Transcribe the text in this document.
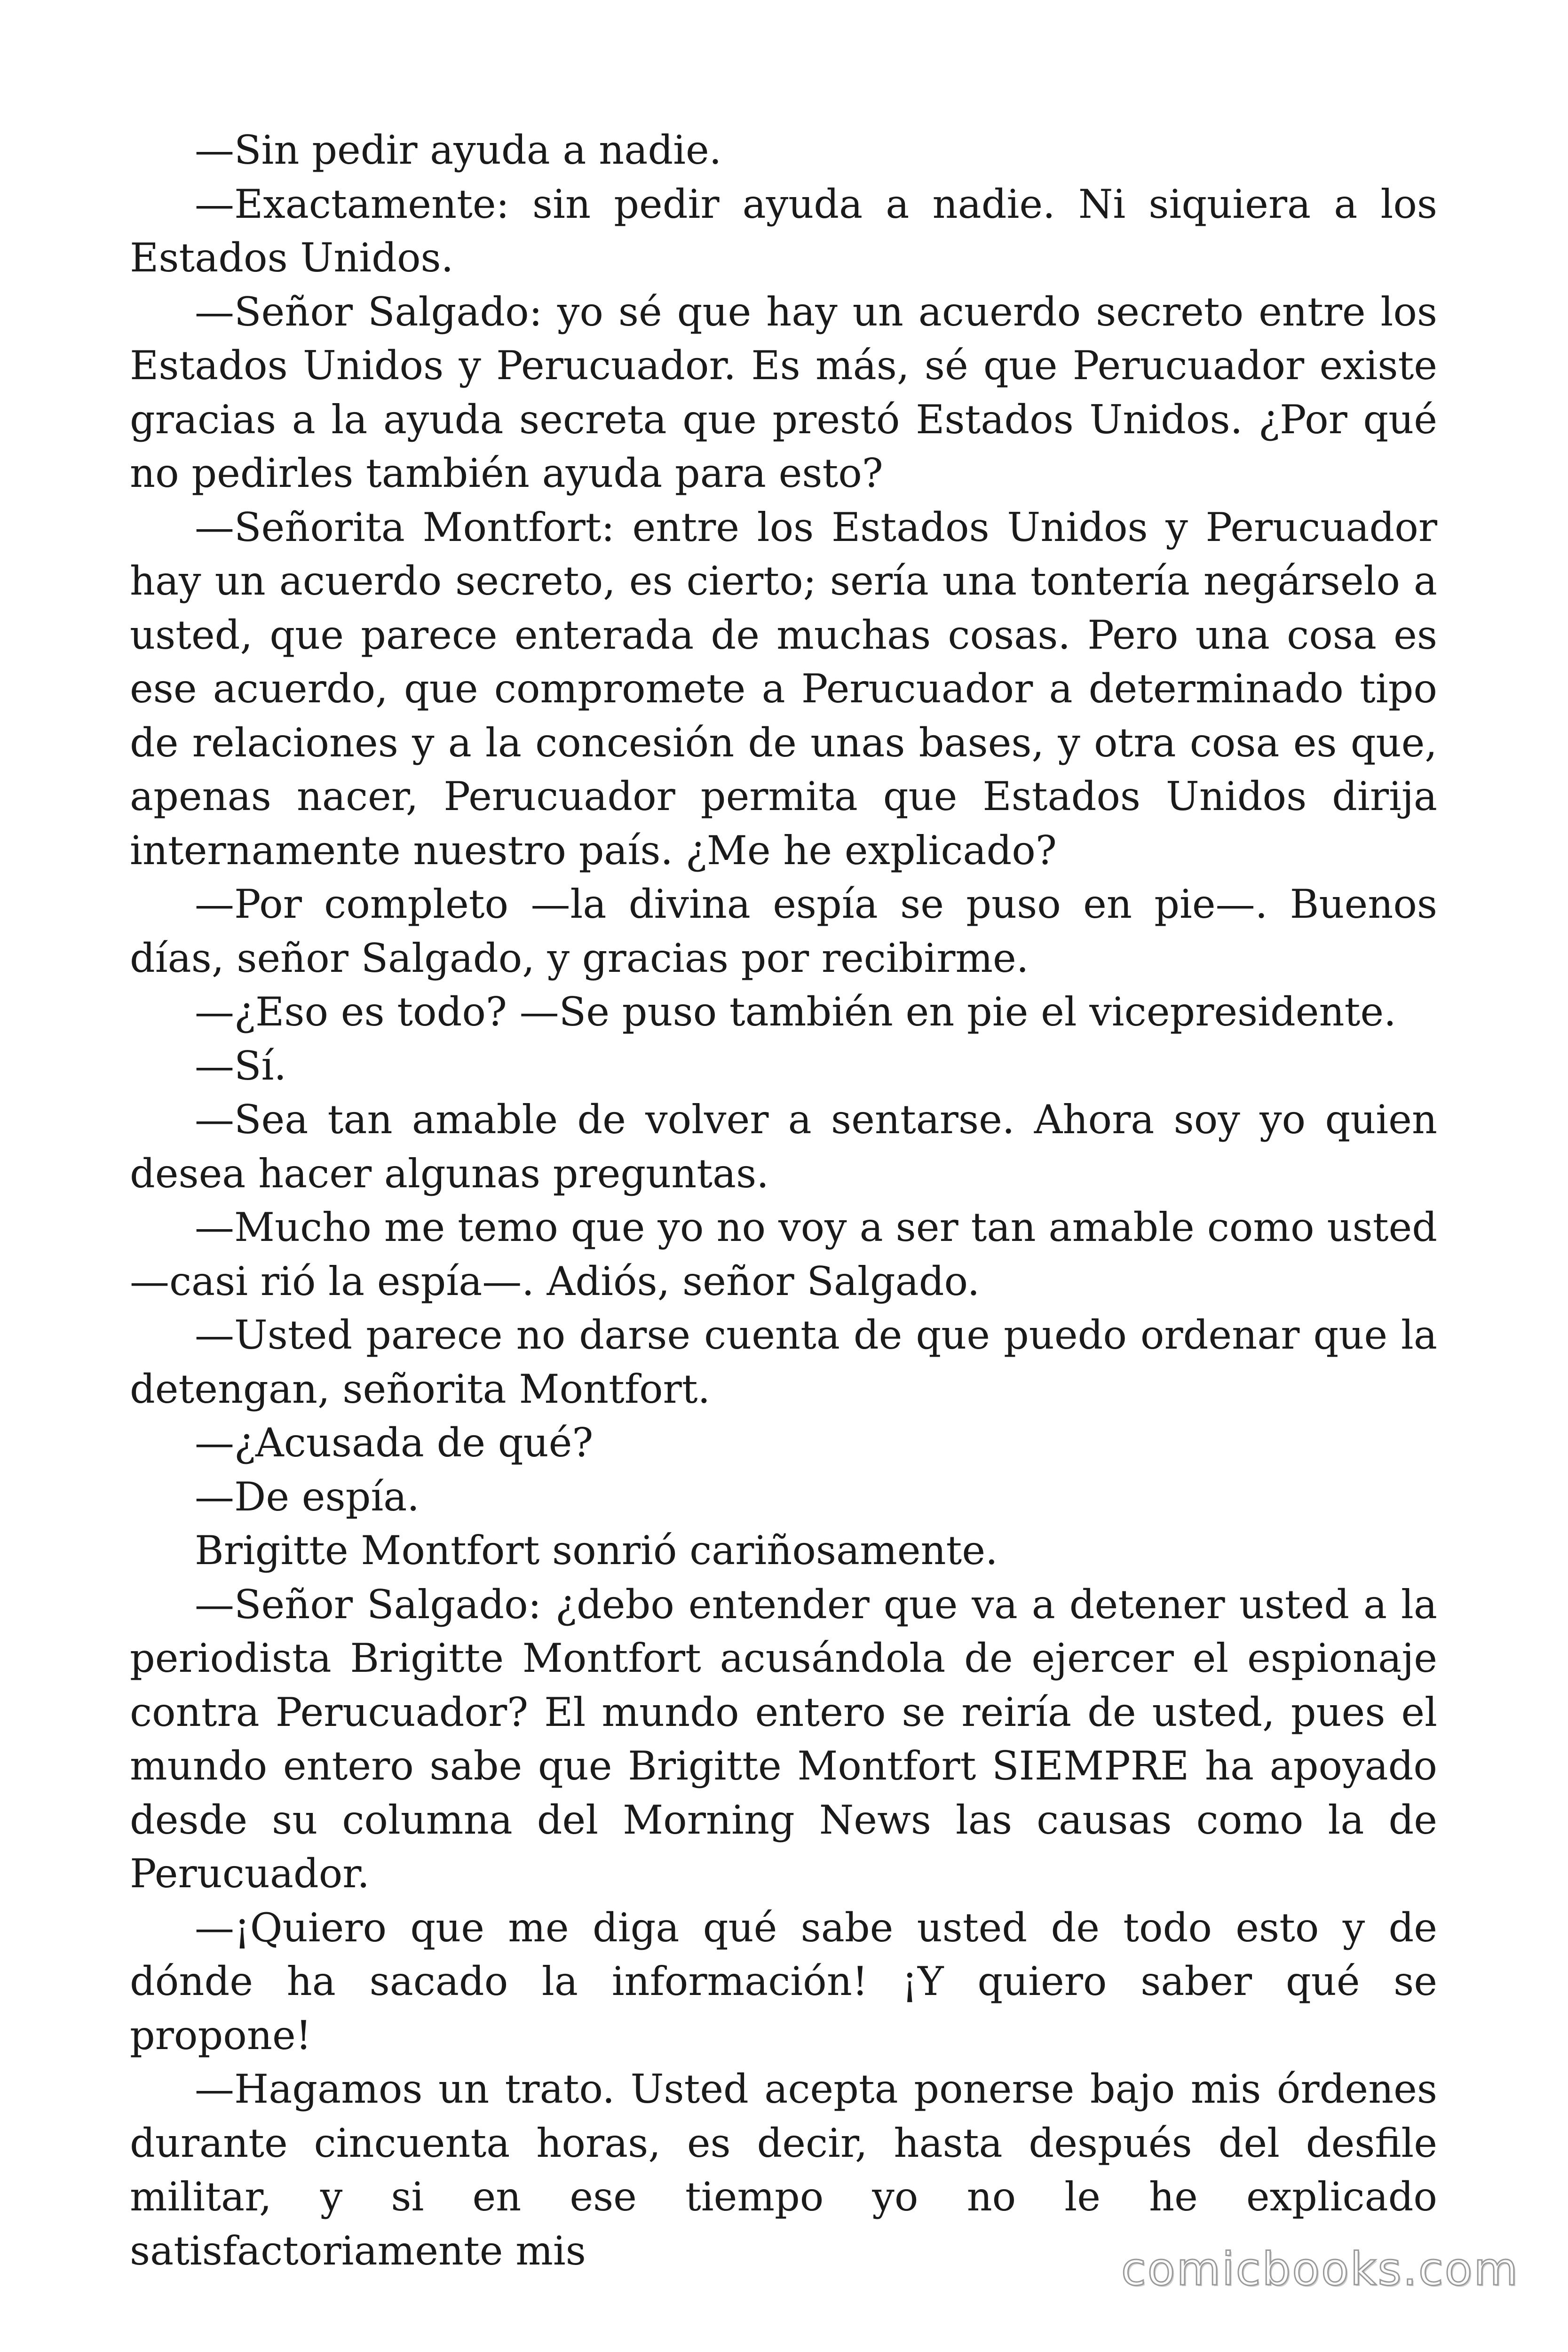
—Sin pedir ayuda a nadie.

—Exactamente: sin pedir ayuda a nadie. Ni siquiera a los Estados Unidos.

—Señor Salgado: yo sé que hay un acuerdo secreto entre los Estados Unidos y Perucuador. Es más, sé que Perucuador existe gracias a la ayuda secreta que prestó Estados Unidos. ¿Por qué no pedirles también ayuda para esto?

—Señorita Montfort: entre los Estados Unidos y Perucuador hay un acuerdo secreto, es cierto; sería una tontería negárselo a usted, que parece enterada de muchas cosas. Pero una cosa es ese acuerdo, que compromete a Perucuador a determinado tipo de relaciones y a la concesión de unas bases, y otra cosa es que, apenas nacer, Perucuador permita que Estados Unidos dirija internamente nuestro país. ¿Me he explicado?

—Por completo —la divina espía se puso en pie—. Buenos días, señor Salgado, y gracias por recibirme.

—¿Eso es todo? —Se puso también en pie el vicepresidente.

—Sí.

—Sea tan amable de volver a sentarse. Ahora soy yo quien desea hacer algunas preguntas.

—Mucho me temo que yo no voy a ser tan amable como usted —casi rió la espía—. Adiós, señor Salgado.

—Usted parece no darse cuenta de que puedo ordenar que la detengan, señorita Montfort.

—¿Acusada de qué?

—De espía.

Brigitte Montfort sonrió cariñosamente.

—Señor Salgado: ¿debo entender que va a detener usted a la periodista Brigitte Montfort acusándola de ejercer el espionaje contra Perucuador? El mundo entero se reiría de usted, pues el mundo entero sabe que Brigitte Montfort SIEMPRE ha apoyado desde su columna del Morning News las causas como la de Perucuador.

—¡Quiero que me diga qué sabe usted de todo esto y de dónde ha sacado la información! ¡Y quiero saber qué se propone!

—Hagamos un trato. Usted acepta ponerse bajo mis órdenes durante cincuenta horas, es decir, hasta después del desfile militar, y si en ese tiempo yo no le he explicado satisfactoriamente mis	comicbooks.com
